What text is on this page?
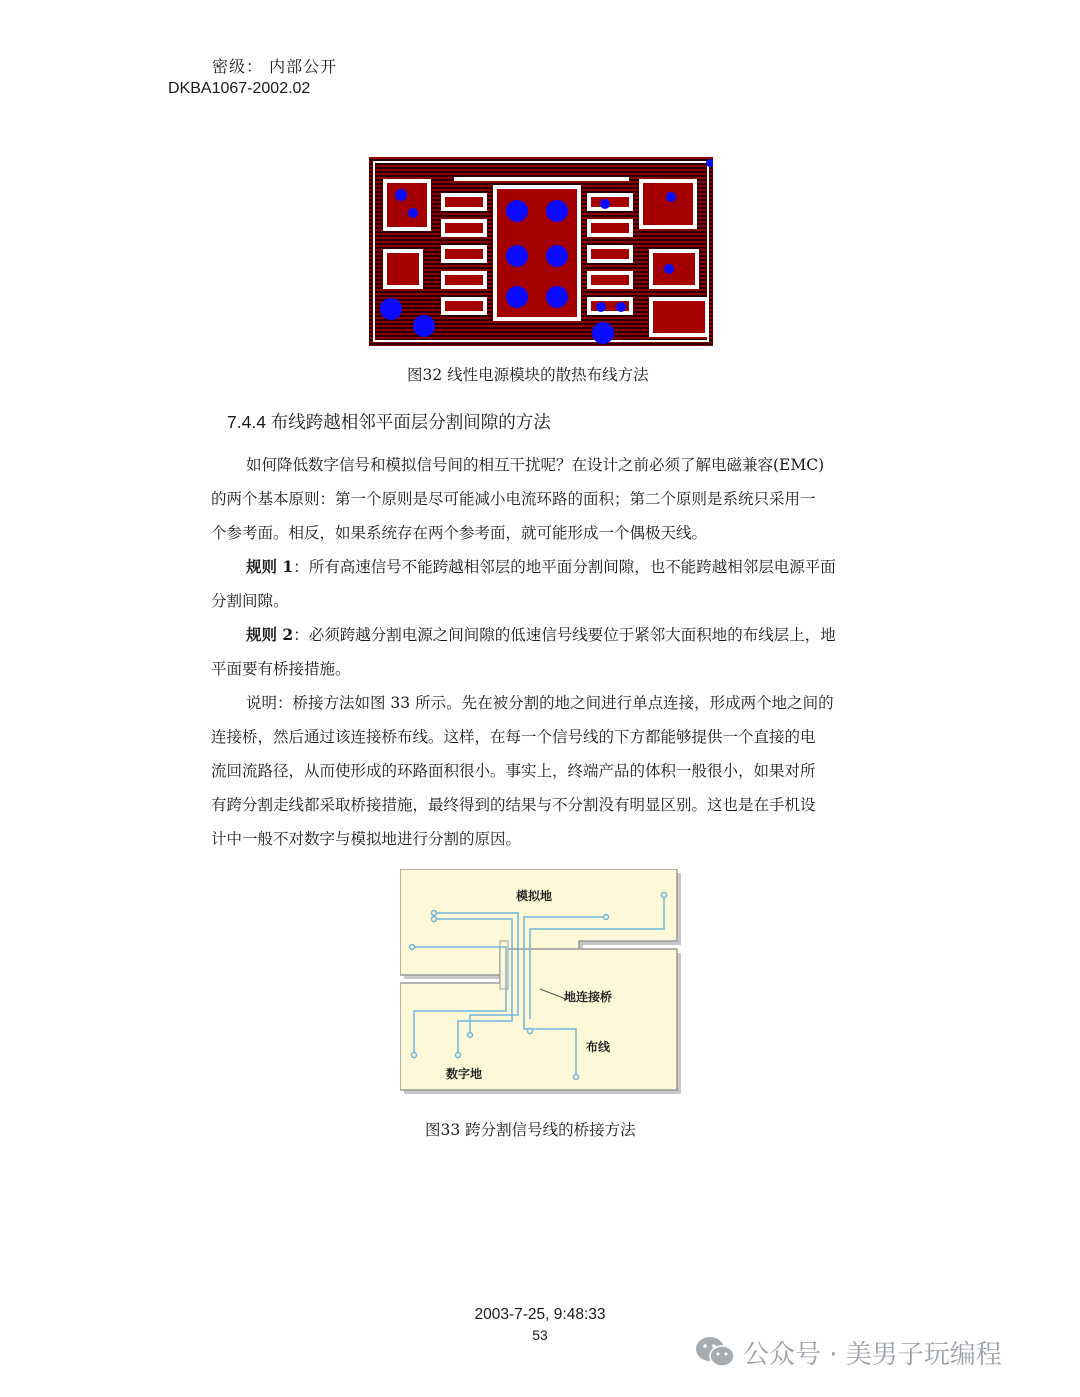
密级： 内部公开
DKBA1067-2002.02
图32 线性电源模块的散热布线方法
7.4.4 布线跨越相邻平面层分割间隙的方法
如何降低数字信号和模拟信号间的相互干扰呢？在设计之前必须了解电磁兼容(EMC)
的两个基本原则：第一个原则是尽可能减小电流环路的面积；第二个原则是系统只采用一
个参考面。相反，如果系统存在两个参考面，就可能形成一个偶极天线。
规则 1：所有高速信号不能跨越相邻层的地平面分割间隙，也不能跨越相邻层电源平面
分割间隙。
规则 2：必须跨越分割电源之间间隙的低速信号线要位于紧邻大面积地的布线层上，地
平面要有桥接措施。
说明：桥接方法如图 33 所示。先在被分割的地之间进行单点连接，形成两个地之间的
连接桥，然后通过该连接桥布线。这样，在每一个信号线的下方都能够提供一个直接的电
流回流路径，从而使形成的环路面积很小。事实上，终端产品的体积一般很小，如果对所
有跨分割走线都采取桥接措施，最终得到的结果与不分割没有明显区别。这也是在手机设
计中一般不对数字与模拟地进行分割的原因。
模拟地
地连接桥
布线
数字地
图33 跨分割信号线的桥接方法
2003-7-25, 9:48:33
53
公众号 · 美男子玩编程
